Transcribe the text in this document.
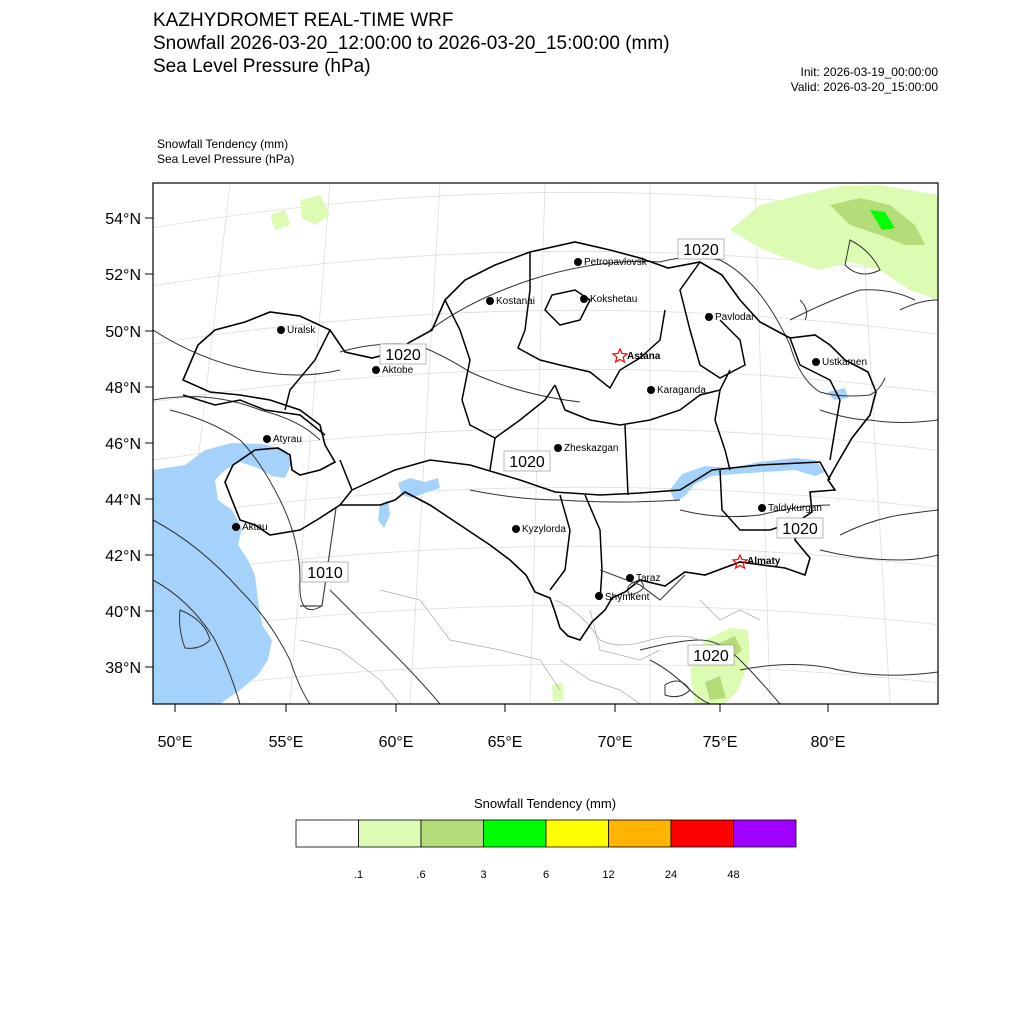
KAZHYDROMET REAL-TIME WRF
Snowfall 2026-03-20_12:00:00 to 2026-03-20_15:00:00 (mm)
Sea Level Pressure (hPa)	Init: 2026-03-19_00:00:00
Valid: 2026-03-20_15:00:00
Snowfall Tendency (mm)
Sea Level Pressure (hPa)
54°N
52°N
50°N
48°N
46°N
44°N
42°N
40°N
38°N
50°E	55°E	60°E	65°E	70°E	75°E	80°E
1020
1020
1020
1020
1010
1020
Petropavlovsk
Kostanai	Kokshetau
Uralsk
Pavlodar
Astana
Ustkamen
Aktobe
Karaganda
Atyrau
Zheskazgan
Taldykurgan
Aktau	Kyzylorda
Almaty
Taraz
Shymkent
Snowfall Tendency (mm)
.1	.6	3	6	12	24	48
